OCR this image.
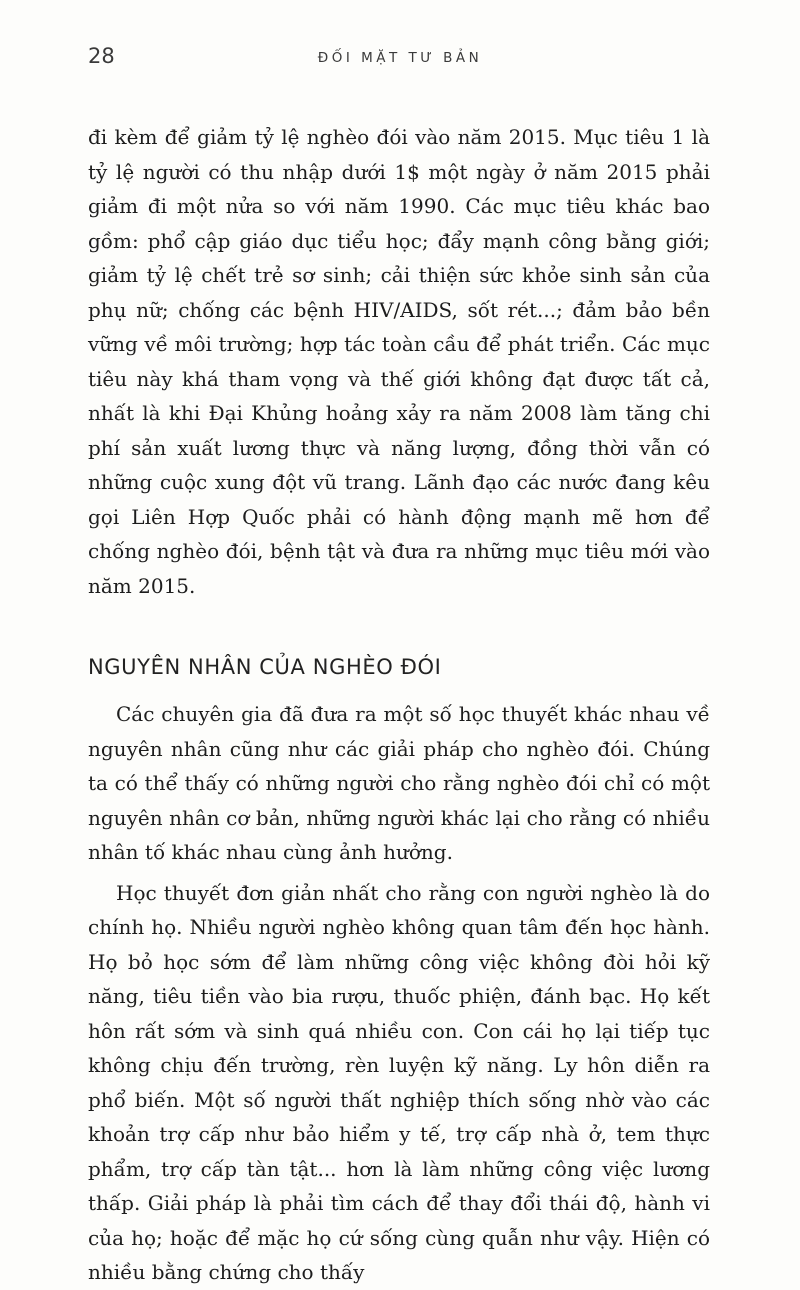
28	ĐỐI MẶT TƯ BẢN

đi kèm để giảm tỷ lệ nghèo đói vào năm 2015. Mục tiêu 1 là tỷ lệ người có thu nhập dưới 1$ một ngày ở năm 2015 phải giảm đi một nửa so với năm 1990. Các mục tiêu khác bao gồm: phổ cập giáo dục tiểu học; đẩy mạnh công bằng giới; giảm tỷ lệ chết trẻ sơ sinh; cải thiện sức khỏe sinh sản của phụ nữ; chống các bệnh HIV/AIDS, sốt rét...; đảm bảo bền vững về môi trường; hợp tác toàn cầu để phát triển. Các mục tiêu này khá tham vọng và thế giới không đạt được tất cả, nhất là khi Đại Khủng hoảng xảy ra năm 2008 làm tăng chi phí sản xuất lương thực và năng lượng, đồng thời vẫn có những cuộc xung đột vũ trang. Lãnh đạo các nước đang kêu gọi Liên Hợp Quốc phải có hành động mạnh mẽ hơn để chống nghèo đói, bệnh tật và đưa ra những mục tiêu mới vào năm 2015.

NGUYÊN NHÂN CỦA NGHÈO ĐÓI

Các chuyên gia đã đưa ra một số học thuyết khác nhau về nguyên nhân cũng như các giải pháp cho nghèo đói. Chúng ta có thể thấy có những người cho rằng nghèo đói chỉ có một nguyên nhân cơ bản, những người khác lại cho rằng có nhiều nhân tố khác nhau cùng ảnh hưởng.

Học thuyết đơn giản nhất cho rằng con người nghèo là do chính họ. Nhiều người nghèo không quan tâm đến học hành. Họ bỏ học sớm để làm những công việc không đòi hỏi kỹ năng, tiêu tiền vào bia rượu, thuốc phiện, đánh bạc. Họ kết hôn rất sớm và sinh quá nhiều con. Con cái họ lại tiếp tục không chịu đến trường, rèn luyện kỹ năng. Ly hôn diễn ra phổ biến. Một số người thất nghiệp thích sống nhờ vào các khoản trợ cấp như bảo hiểm y tế, trợ cấp nhà ở, tem thực phẩm, trợ cấp tàn tật... hơn là làm những công việc lương thấp. Giải pháp là phải tìm cách để thay đổi thái độ, hành vi của họ; hoặc để mặc họ cứ sống cùng quẫn như vậy. Hiện có nhiều bằng chứng cho thấy
